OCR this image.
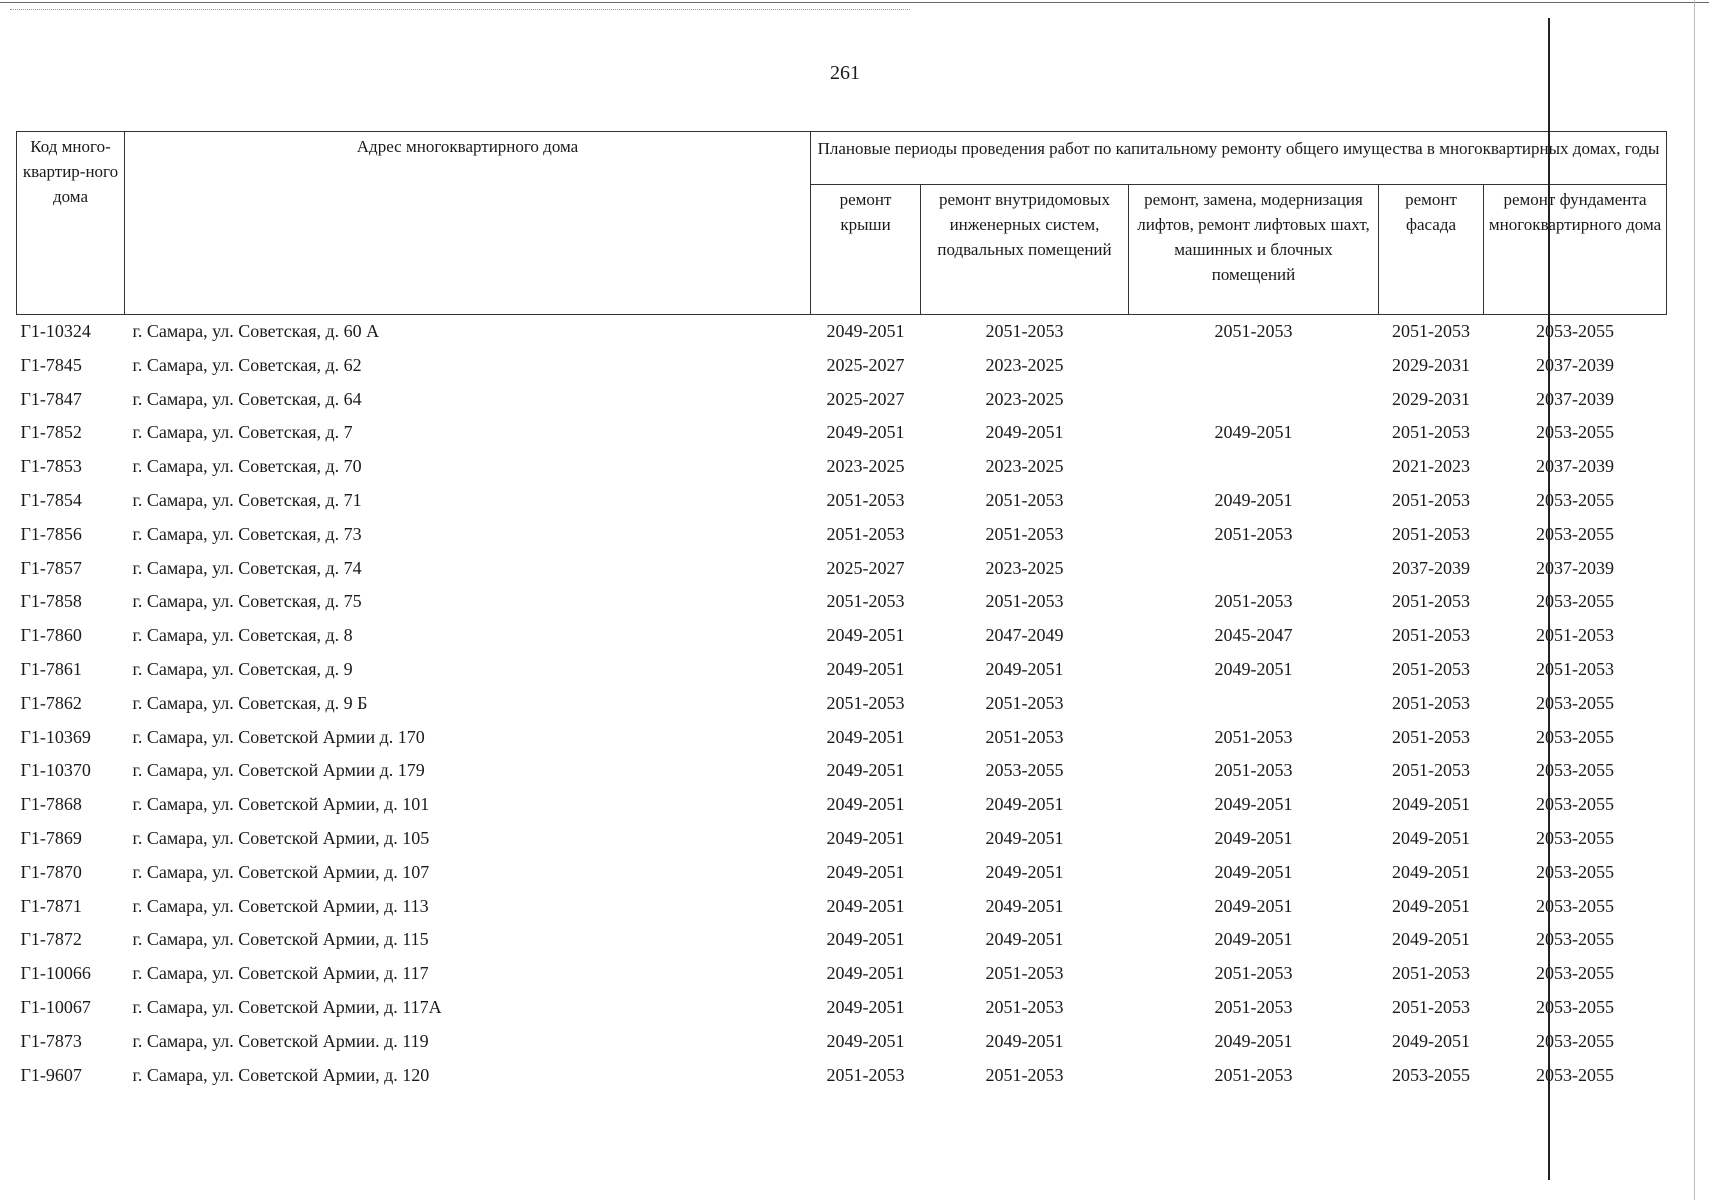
261
Код много-квартир-ного дома	Адрес многоквартирного дома	Плановые периоды проведения работ по капитальному ремонту общего имущества в многоквартирных домах, годы				
		ремонт крыши	ремонт внутридомовых инженерных систем, подвальных помещений	ремонт, замена, модернизация лифтов, ремонт лифтовых шахт, машинных и блочных помещений	ремонт фасада	ремонт фундамента многоквартирного дома
Г1-10324	г. Самара, ул. Советская, д. 60 А	2049-2051	2051-2053	2051-2053	2051-2053	2053-2055
Г1-7845	г. Самара, ул. Советская, д. 62	2025-2027	2023-2025		2029-2031	2037-2039
Г1-7847	г. Самара, ул. Советская, д. 64	2025-2027	2023-2025		2029-2031	2037-2039
Г1-7852	г. Самара, ул. Советская, д. 7	2049-2051	2049-2051	2049-2051	2051-2053	2053-2055
Г1-7853	г. Самара, ул. Советская, д. 70	2023-2025	2023-2025		2021-2023	2037-2039
Г1-7854	г. Самара, ул. Советская, д. 71	2051-2053	2051-2053	2049-2051	2051-2053	2053-2055
Г1-7856	г. Самара, ул. Советская, д. 73	2051-2053	2051-2053	2051-2053	2051-2053	2053-2055
Г1-7857	г. Самара, ул. Советская, д. 74	2025-2027	2023-2025		2037-2039	2037-2039
Г1-7858	г. Самара, ул. Советская, д. 75	2051-2053	2051-2053	2051-2053	2051-2053	2053-2055
Г1-7860	г. Самара, ул. Советская, д. 8	2049-2051	2047-2049	2045-2047	2051-2053	2051-2053
Г1-7861	г. Самара, ул. Советская, д. 9	2049-2051	2049-2051	2049-2051	2051-2053	2051-2053
Г1-7862	г. Самара, ул. Советская, д. 9 Б	2051-2053	2051-2053		2051-2053	2053-2055
Г1-10369	г. Самара, ул. Советской Армии д. 170	2049-2051	2051-2053	2051-2053	2051-2053	2053-2055
Г1-10370	г. Самара, ул. Советской Армии д. 179	2049-2051	2053-2055	2051-2053	2051-2053	2053-2055
Г1-7868	г. Самара, ул. Советской Армии, д. 101	2049-2051	2049-2051	2049-2051	2049-2051	2053-2055
Г1-7869	г. Самара, ул. Советской Армии, д. 105	2049-2051	2049-2051	2049-2051	2049-2051	2053-2055
Г1-7870	г. Самара, ул. Советской Армии, д. 107	2049-2051	2049-2051	2049-2051	2049-2051	2053-2055
Г1-7871	г. Самара, ул. Советской Армии, д. 113	2049-2051	2049-2051	2049-2051	2049-2051	2053-2055
Г1-7872	г. Самара, ул. Советской Армии, д. 115	2049-2051	2049-2051	2049-2051	2049-2051	2053-2055
Г1-10066	г. Самара, ул. Советской Армии, д. 117	2049-2051	2051-2053	2051-2053	2051-2053	2053-2055
Г1-10067	г. Самара, ул. Советской Армии, д. 117А	2049-2051	2051-2053	2051-2053	2051-2053	2053-2055
Г1-7873	г. Самара, ул. Советской Армии. д. 119	2049-2051	2049-2051	2049-2051	2049-2051	2053-2055
Г1-9607	г. Самара, ул. Советской Армии, д. 120	2051-2053	2051-2053	2051-2053	2053-2055	2053-2055
